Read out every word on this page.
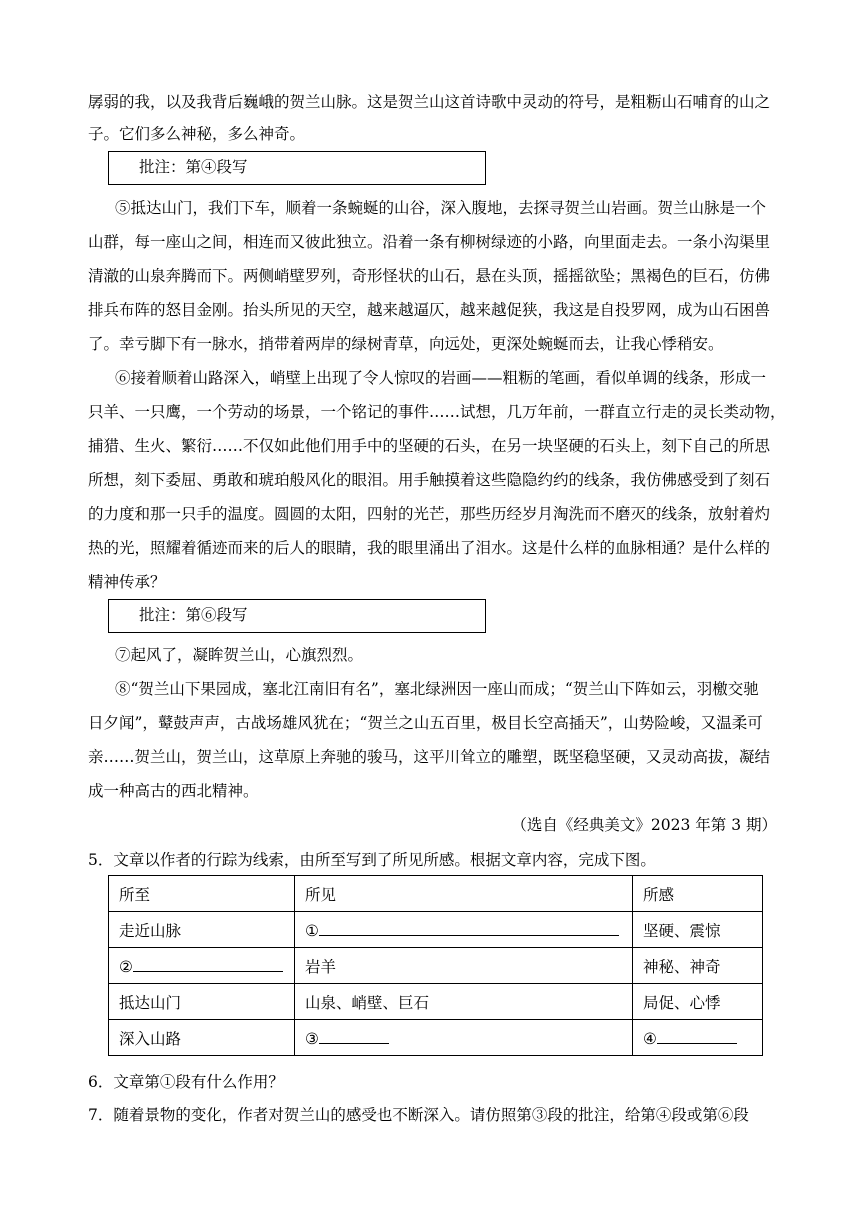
孱弱的我，以及我背后巍峨的贺兰山脉。这是贺兰山这首诗歌中灵动的符号，是粗粝山石哺育的山之
子。它们多么神秘，多么神奇。
批注：第④段写
⑤抵达山门，我们下车，顺着一条蜿蜒的山谷，深入腹地，去探寻贺兰山岩画。贺兰山脉是一个
山群，每一座山之间，相连而又彼此独立。沿着一条有柳树绿迹的小路，向里面走去。一条小沟渠里
清澈的山泉奔腾而下。两侧峭壁罗列，奇形怪状的山石，悬在头顶，摇摇欲坠；黑褐色的巨石，仿佛
排兵布阵的怒目金刚。抬头所见的天空，越来越逼仄，越来越促狭，我这是自投罗网，成为山石困兽
了。幸亏脚下有一脉水，捎带着两岸的绿树青草，向远处，更深处蜿蜒而去，让我心悸稍安。
⑥接着顺着山路深入，峭壁上出现了令人惊叹的岩画——粗粝的笔画，看似单调的线条，形成一
只羊、一只鹰，一个劳动的场景，一个铭记的事件……试想，几万年前，一群直立行走的灵长类动物，
捕猎、生火、繁衍……不仅如此他们用手中的坚硬的石头，在另一块坚硬的石头上，刻下自己的所思
所想，刻下委屈、勇敢和琥珀般风化的眼泪。用手触摸着这些隐隐约约的线条，我仿佛感受到了刻石
的力度和那一只手的温度。圆圆的太阳，四射的光芒，那些历经岁月淘洗而不磨灭的线条，放射着灼
热的光，照耀着循迹而来的后人的眼睛，我的眼里涌出了泪水。这是什么样的血脉相通？是什么样的
精神传承？
批注：第⑥段写
⑦起风了，凝眸贺兰山，心旗烈烈。
⑧“贺兰山下果园成，塞北江南旧有名”，塞北绿洲因一座山而成；“贺兰山下阵如云，羽檄交驰
日夕闻”，鼙鼓声声，古战场雄风犹在；“贺兰之山五百里，极目长空高插天”，山势险峻，又温柔可
亲……贺兰山，贺兰山，这草原上奔驰的骏马，这平川耸立的雕塑，既坚稳坚硬，又灵动高拔，凝结
成一种高古的西北精神。
（选自《经典美文》2023 年第 3 期）
5．文章以作者的行踪为线索，由所至写到了所见所感。根据文章内容，完成下图。
所至	所见	所感
走近山脉	①	坚硬、震惊
②	岩羊	神秘、神奇
抵达山门	山泉、峭壁、巨石	局促、心悸
深入山路	③	④
6．文章第①段有什么作用？
7．随着景物的变化，作者对贺兰山的感受也不断深入。请仿照第③段的批注，给第④段或第⑥段
